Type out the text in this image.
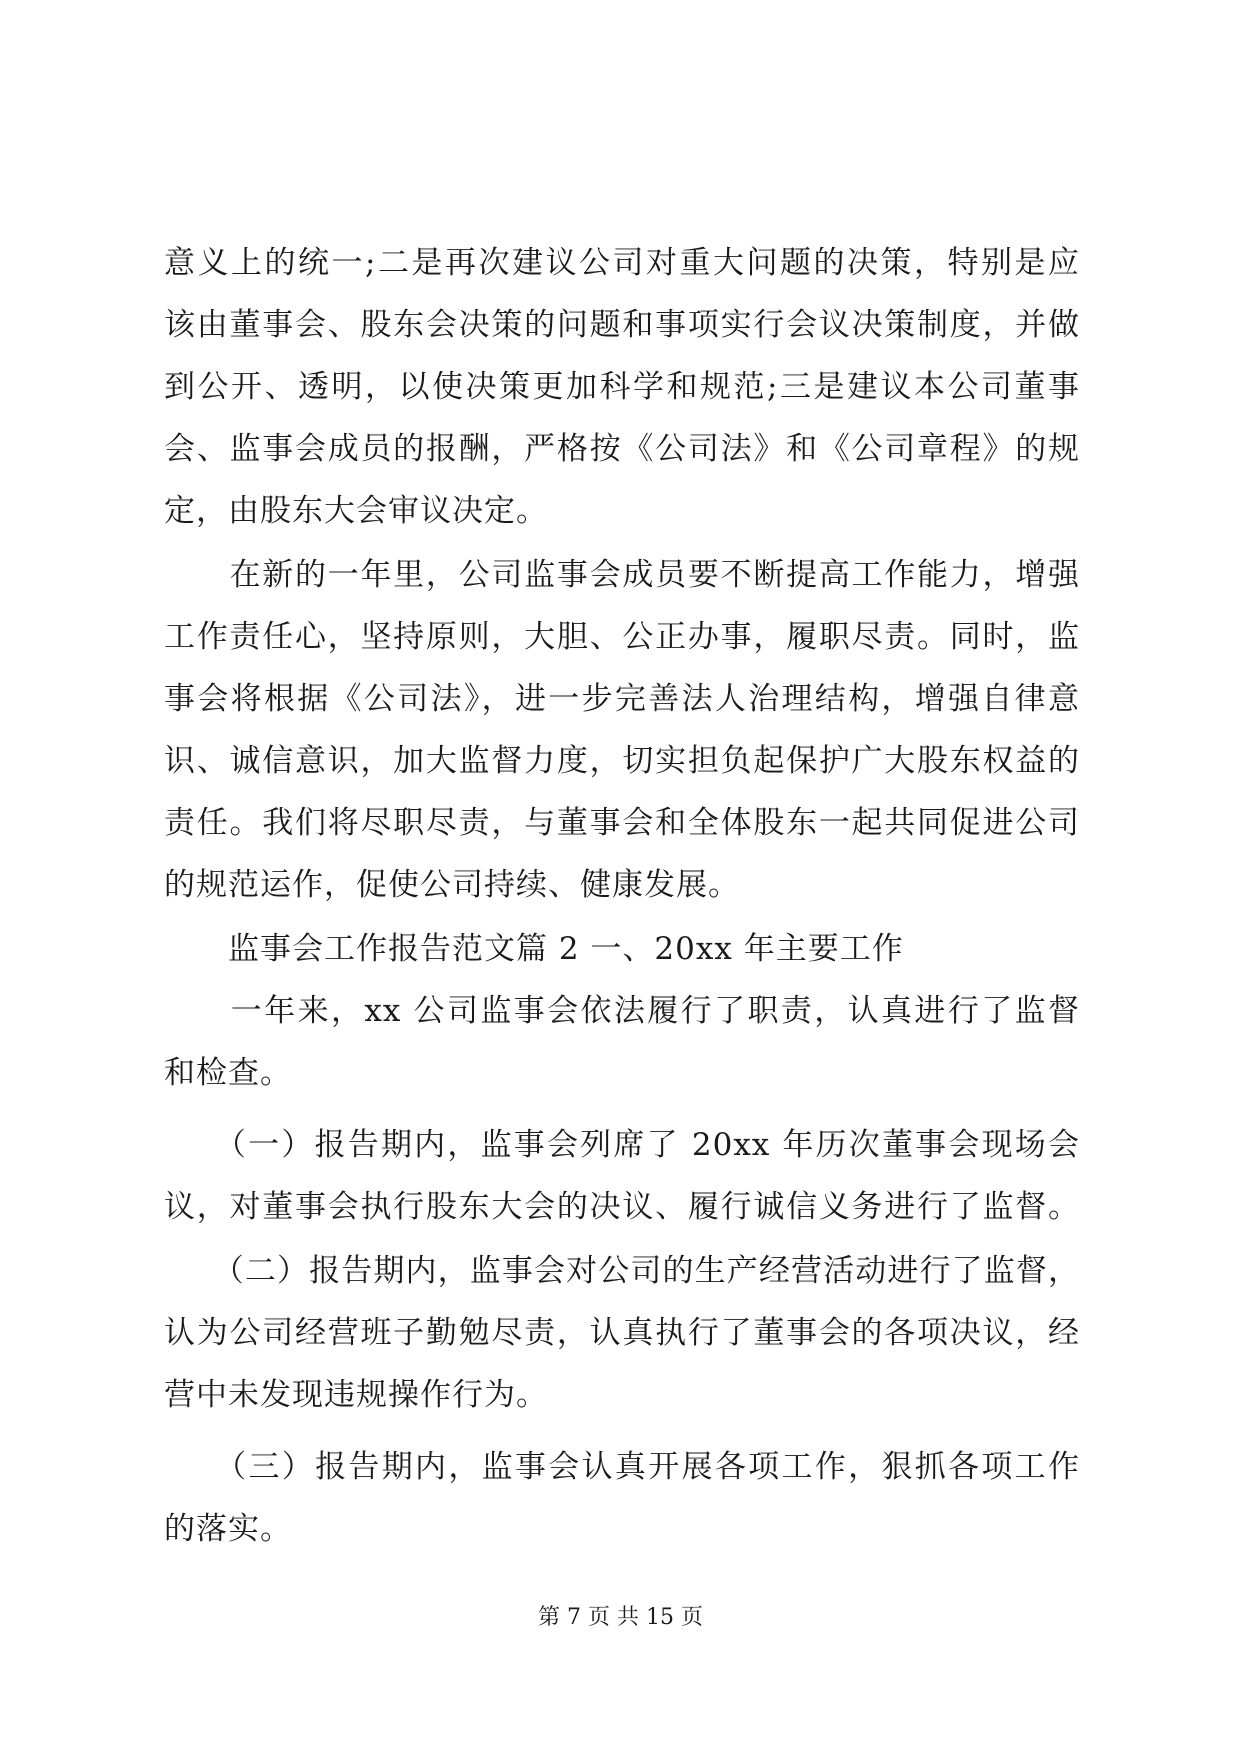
意义上的统一;二是再次建议公司对重大问题的决策，特别是应
该由董事会、股东会决策的问题和事项实行会议决策制度，并做
到公开、透明，以使决策更加科学和规范;三是建议本公司董事
会、监事会成员的报酬，严格按《公司法》和《公司章程》的规
定，由股东大会审议决定。
　　在新的一年里，公司监事会成员要不断提高工作能力，增强
工作责任心，坚持原则，大胆、公正办事，履职尽责。同时，监
事会将根据《公司法》，进一步完善法人治理结构，增强自律意
识、诚信意识，加大监督力度，切实担负起保护广大股东权益的
责任。我们将尽职尽责，与董事会和全体股东一起共同促进公司
的规范运作，促使公司持续、健康发展。
　　监事会工作报告范文篇 2 一、20xx 年主要工作
　　一年来，xx 公司监事会依法履行了职责，认真进行了监督
和检查。
　　（一）报告期内，监事会列席了 20xx 年历次董事会现场会
议，对董事会执行股东大会的决议、履行诚信义务进行了监督。
　　（二）报告期内，监事会对公司的生产经营活动进行了监督，
认为公司经营班子勤勉尽责，认真执行了董事会的各项决议，经
营中未发现违规操作行为。
　　（三）报告期内，监事会认真开展各项工作，狠抓各项工作
的落实。
第 7 页 共 15 页
